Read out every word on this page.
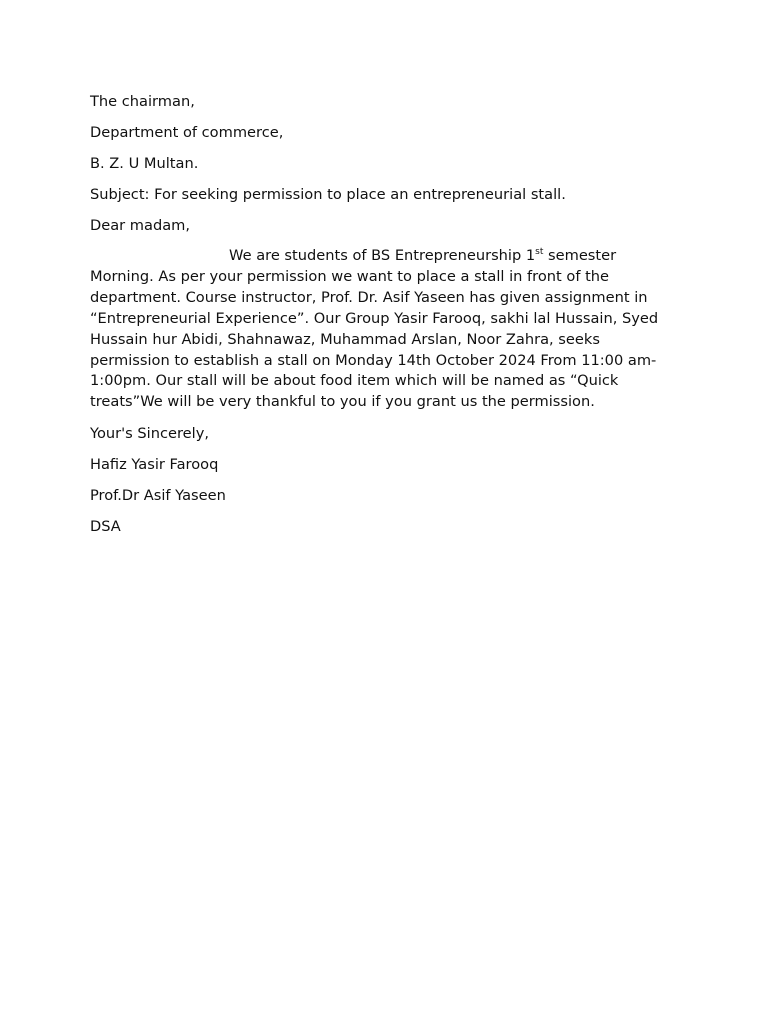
The chairman,

Department of commerce,

B. Z. U Multan.

Subject: For seeking permission to place an entrepreneurial stall.

Dear madam,

We are students of BS Entrepreneurship 1st semester Morning. As per your permission we want to place a stall in front of the department. Course instructor, Prof. Dr. Asif Yaseen has given assignment in “Entrepreneurial Experience”. Our Group Yasir Farooq, sakhi lal Hussain, Syed Hussain hur Abidi, Shahnawaz, Muhammad Arslan, Noor Zahra, seeks permission to establish a stall on Monday 14th October 2024 From 11:00 am-1:00pm. Our stall will be about food item which will be named as “Quick treats”We will be very thankful to you if you grant us the permission.

Your's Sincerely,

Hafiz Yasir Farooq

Prof.Dr Asif Yaseen

DSA
